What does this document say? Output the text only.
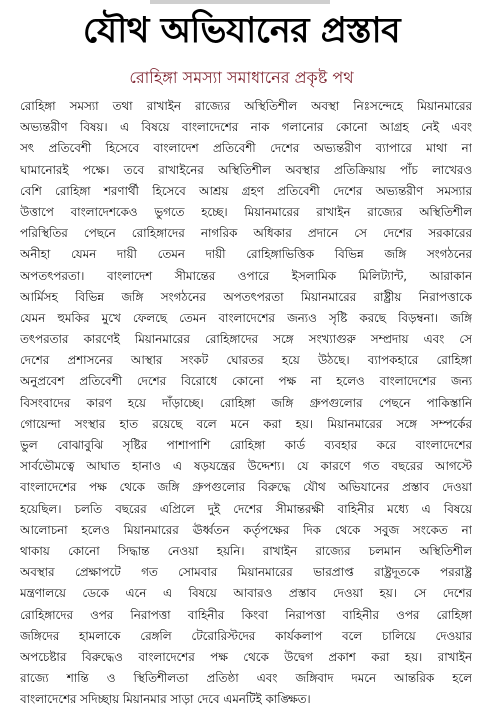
যৌথ অভিযানের প্রস্তাব
রোহিঙ্গা সমস্যা সমাধানের প্রকৃষ্ট পথ
রোহিঙ্গা সমস্যা তথা রাখাইন রাজ্যের অস্থিতিশীল অবস্থা নিঃসন্দেহে মিয়ানমারের
অভ্যন্তরীণ বিষয়। এ বিষয়ে বাংলাদেশের নাক গলানোর কোনো আগ্রহ নেই এবং
সৎ প্রতিবেশী হিসেবে বাংলাদেশ প্রতিবেশী দেশের অভ্যন্তরীণ ব্যাপারে মাথা না
ঘামানোরই পক্ষে। তবে রাখাইনের অস্থিতিশীল অবস্থার প্রতিক্রিয়ায় পাঁচ লাখেরও
বেশি রোহিঙ্গা শরণার্থী হিসেবে আশ্রয় গ্রহণ প্রতিবেশী দেশের অভ্যন্তরীণ সমস্যার
উত্তাপে বাংলাদেশকেও ভুগতে হচ্ছে। মিয়ানমারের রাখাইন রাজ্যের অস্থিতিশীল
পরিস্থিতির পেছনে রোহিঙ্গাদের নাগরিক অধিকার প্রদানে সে দেশের সরকারের
অনীহা যেমন দায়ী তেমন দায়ী রোহিঙ্গাভিত্তিক বিভিন্ন জঙ্গি সংগঠনের
অপতৎপরতা। বাংলাদেশ সীমান্তের ওপারে ইসলামিক মিলিট্যান্ট, আরাকান
আর্মিসহ বিভিন্ন জঙ্গি সংগঠনের অপতৎপরতা মিয়ানমারের রাষ্ট্রীয় নিরাপত্তাকে
যেমন হুমকির মুখে ফেলছে তেমন বাংলাদেশের জন্যও সৃষ্টি করছে বিড়ম্বনা। জঙ্গি
তৎপরতার কারণেই মিয়ানমারের রোহিঙ্গাদের সঙ্গে সংখ্যাগুরু সম্প্রদায় এবং সে
দেশের প্রশাসনের আস্থার সংকট ঘোরতর হয়ে উঠছে। ব্যাপকহারে রোহিঙ্গা
অনুপ্রবেশ প্রতিবেশী দেশের বিরোধে কোনো পক্ষ না হলেও বাংলাদেশের জন্য
বিসংবাদের কারণ হয়ে দাঁড়াচ্ছে। রোহিঙ্গা জঙ্গি গ্রুপগুলোর পেছনে পাকিস্তানি
গোয়েন্দা সংস্থার হাত রয়েছে বলে মনে করা হয়। মিয়ানমারের সঙ্গে সম্পর্কের
ভুল বোঝাবুঝি সৃষ্টির পাশাপাশি রোহিঙ্গা কার্ড ব্যবহার করে বাংলাদেশের
সার্বভৌমত্বে আঘাত হানাও এ ষড়যন্ত্রের উদ্দেশ্য। যে কারণে গত বছরের আগস্টে
বাংলাদেশের পক্ষ থেকে জঙ্গি গ্রুপগুলোর বিরুদ্ধে যৌথ অভিযানের প্রস্তাব দেওয়া
হয়েছিল। চলতি বছরের এপ্রিলে দুই দেশের সীমান্তরক্ষী বাহিনীর মধ্যে এ বিষয়ে
আলোচনা হলেও মিয়ানমারের ঊর্ধ্বতন কর্তৃপক্ষের দিক থেকে সবুজ সংকেত না
থাকায় কোনো সিদ্ধান্ত নেওয়া হয়নি। রাখাইন রাজ্যের চলমান অস্থিতিশীল
অবস্থার প্রেক্ষাপটে গত সোমবার মিয়ানমারের ভারপ্রাপ্ত রাষ্ট্রদূতকে পররাষ্ট্র
মন্ত্রণালয়ে ডেকে এনে এ বিষয়ে আবারও প্রস্তাব দেওয়া হয়। সে দেশের
রোহিঙ্গাদের ওপর নিরাপত্তা বাহিনীর কিংবা নিরাপত্তা বাহিনীর ওপর রোহিঙ্গা
জঙ্গিদের হামলাকে রেঙ্গলি টেরোরিস্টদের কার্যকলাপ বলে চালিয়ে দেওয়ার
অপচেষ্টার বিরুদ্ধেও বাংলাদেশের পক্ষ থেকে উদ্বেগ প্রকাশ করা হয়। রাখাইন
রাজ্যে শান্তি ও স্থিতিশীলতা প্রতিষ্ঠা এবং জঙ্গিবাদ দমনে আন্তরিক হলে
বাংলাদেশের সদিচ্ছায় মিয়ানমার সাড়া দেবে এমনটিই কাঙ্ক্ষিত।
